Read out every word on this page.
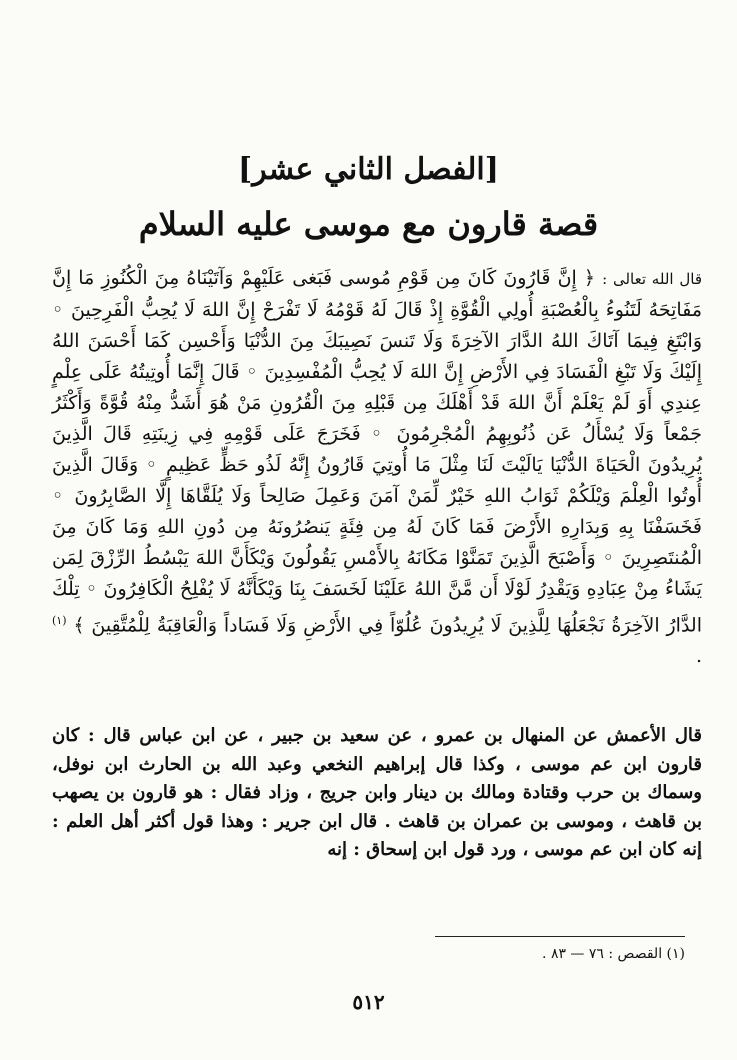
[الفصل الثاني عشر]
قصة قارون مع موسى عليه السلام
قال الله تعالى : ﴿ إِنَّ قَارُونَ كَانَ مِن قَوْمِ مُوسى فَبَغى عَلَيْهِمْ وَآتَيْنَاهُ مِنَ الْكُنُوزِ مَا إِنَّ مَفَاتِحَهُ لَتَنُوءُ بِالْعُصْبَةِ أُولِي الْقُوَّةِ إِذْ قَالَ لَهُ قَوْمُهُ لَا تَفْرَحْ إِنَّ اللهَ لَا يُحِبُّ الْفَرِحِينَ ◦ وَابْتَغِ فِيمَا آتَاكَ اللهُ الدَّارَ الآخِرَةَ وَلَا تَنسَ نَصِيبَكَ مِنَ الدُّنْيَا وَأَحْسِن كَمَا أَحْسَنَ اللهُ إِلَيْكَ وَلَا تَبْغِ الْفَسَادَ فِي الأَرْضِ إِنَّ اللهَ لَا يُحِبُّ الْمُفْسِدِينَ ◦ قَالَ إِنَّمَا أُوتِيتُهُ عَلَى عِلْمٍ عِندِي أَوَ لَمْ يَعْلَمْ أَنَّ اللهَ قَدْ أَهْلَكَ مِن قَبْلِهِ مِنَ الْقُرُونِ مَنْ هُوَ أَشَدُّ مِنْهُ قُوَّةً وَأَكْثَرُ جَمْعاً وَلَا يُسْأَلُ عَن ذُنُوبِهِمُ الْمُجْرِمُونَ ◦ فَخَرَجَ عَلَى قَوْمِهِ فِي زِينَتِهِ قَالَ الَّذِينَ يُرِيدُونَ الْحَيَاةَ الدُّنْيَا يَالَيْتَ لَنَا مِثْلَ مَا أُوتِيَ قَارُونُ إِنَّهُ لَذُو حَظٍّ عَظِيمٍ ◦ وَقَالَ الَّذِينَ أُوتُوا الْعِلْمَ وَيْلَكُمْ ثَوَابُ اللهِ خَيْرٌ لِّمَنْ آمَنَ وَعَمِلَ صَالِحاً وَلَا يُلَقَّاهَا إِلَّا الصَّابِرُونَ ◦ فَخَسَفْنَا بِهِ وَبِدَارِهِ الأَرْضَ فَمَا كَانَ لَهُ مِن فِئَةٍ يَنصُرُونَهُ مِن دُونِ اللهِ وَمَا كَانَ مِنَ الْمُنتَصِرِينَ ◦ وَأَصْبَحَ الَّذِينَ تَمَنَّوْا مَكَانَهُ بِالأَمْسِ يَقُولُونَ وَيْكَأَنَّ اللهَ يَبْسُطُ الرِّزْقَ لِمَن يَشَاءُ مِنْ عِبَادِهِ وَيَقْدِرُ لَوْلَا أَن مَّنَّ اللهُ عَلَيْنَا لَخَسَفَ بِنَا وَيْكَأَنَّهُ لَا يُفْلِحُ الْكَافِرُونَ ◦ تِلْكَ الدَّارُ الآخِرَةُ نَجْعَلُهَا لِلَّذِينَ لَا يُرِيدُونَ عُلُوّاً فِي الأَرْضِ وَلَا فَسَاداً وَالْعَاقِبَةُ لِلْمُتَّقِينَ ﴾ $^{(١)}$ .
قال الأعمش عن المنهال بن عمرو ، عن سعيد بن جبير ، عن ابن عباس قال : كان قارون ابن عم موسى ، وكذا قال إبراهيم النخعي وعبد الله بن الحارث ابن نوفل، وسماك بن حرب وقتادة ومالك بن دينار وابن جريج ، وزاد فقال : هو قارون بن يصهب بن قاهث ، وموسى بن عمران بن قاهث . قال ابن جرير : وهذا قول أكثر أهل العلم : إنه كان ابن عم موسى ، ورد قول ابن إسحاق : إنه
(١) القصص : ٧٦ — ٨٣ .
٥١٢
